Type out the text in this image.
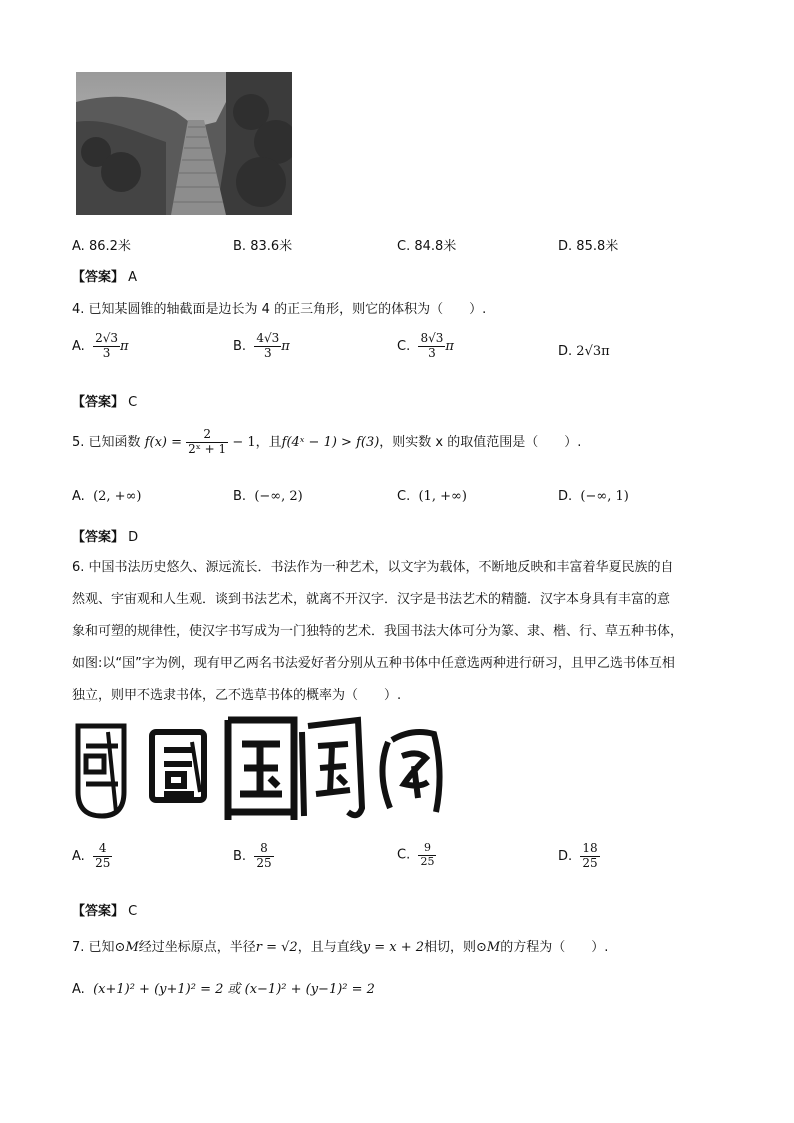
A. 86.2米	B. 83.6米	C. 84.8米	D. 85.8米
【答案】 A
4. 已知某圆锥的轴截面是边长为 4 的正三角形，则它的体积为（　　）.
A. $\frac{2√3}{3}$ π	B. $\frac{4√3}{3}$ π	C. $\frac{8√3}{3}$ π	D. 2√3π
【答案】 C
5. 已知函数 $f(x) = \frac{2}{\text{2ˣ + 1}} - 1$，且f(4ˣ − 1) > f(3)，则实数 x 的取值范围是（　　）.
A. (2, +∞)	B. (−∞, 2)	C. (1, +∞)	D. (−∞, 1)
【答案】 D
6. 中国书法历史悠久、源远流长．书法作为一种艺术，以文字为载体，不断地反映和丰富着华夏民族的自
然观、宇宙观和人生观．谈到书法艺术，就离不开汉字．汉字是书法艺术的精髓．汉字本身具有丰富的意
象和可塑的规律性，使汉字书写成为一门独特的艺术．我国书法大体可分为篆、隶、楷、行、草五种书体，
如图:以“国”字为例，现有甲乙两名书法爱好者分别从五种书体中任意选两种进行研习，且甲乙选书体互相
独立，则甲不选隶书体，乙不选草书体的概率为（　　）.
A. $\frac{4}{25}$	B. $\frac{8}{25}$	C. $\frac{9}{25}$	D. $\frac{18}{25}$
【答案】 C
7. 已知⊙M经过坐标原点，半径r = √2，且与直线y = x + 2相切，则⊙M的方程为（　　）.
A. (x+1)² + (y+1)² = 2 或 (x−1)² + (y−1)² = 2
